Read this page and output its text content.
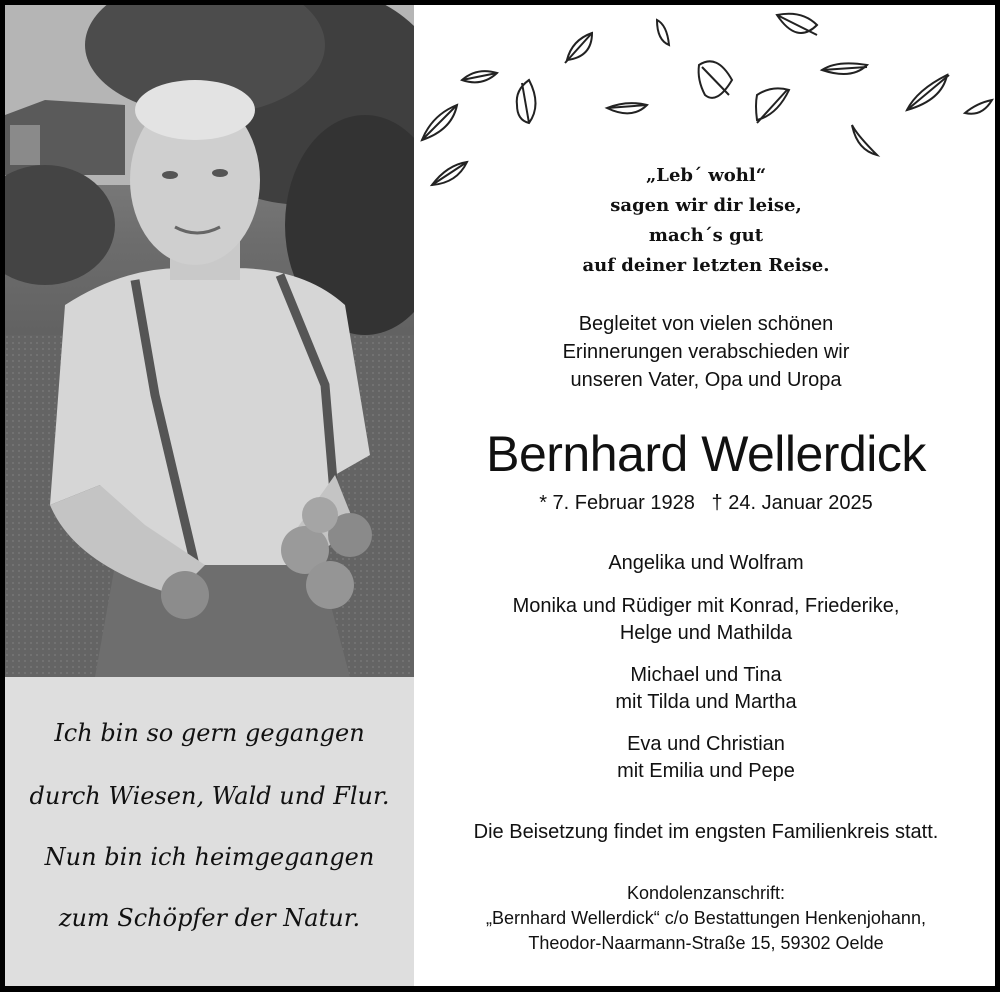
Ich bin so gern gegangen
durch Wiesen, Wald und Flur.
Nun bin ich heimgegangen
zum Schöpfer der Natur.
„Leb´ wohl“
sagen wir dir leise,
mach´s gut
auf deiner letzten Reise.
Begleitet von vielen schönen
Erinnerungen verabschieden wir
unseren Vater, Opa und Uropa
Bernhard Wellerdick
* 7. Februar 1928   † 24. Januar 2025
Angelika und Wolfram
Monika und Rüdiger mit Konrad, Friederike,
Helge und Mathilda
Michael und Tina
mit Tilda und Martha
Eva und Christian
mit Emilia und Pepe
Die Beisetzung findet im engsten Familienkreis statt.
Kondolenzanschrift:
„Bernhard Wellerdick“ c/o Bestattungen Henkenjohann,
Theodor-Naarmann-Straße 15, 59302 Oelde
